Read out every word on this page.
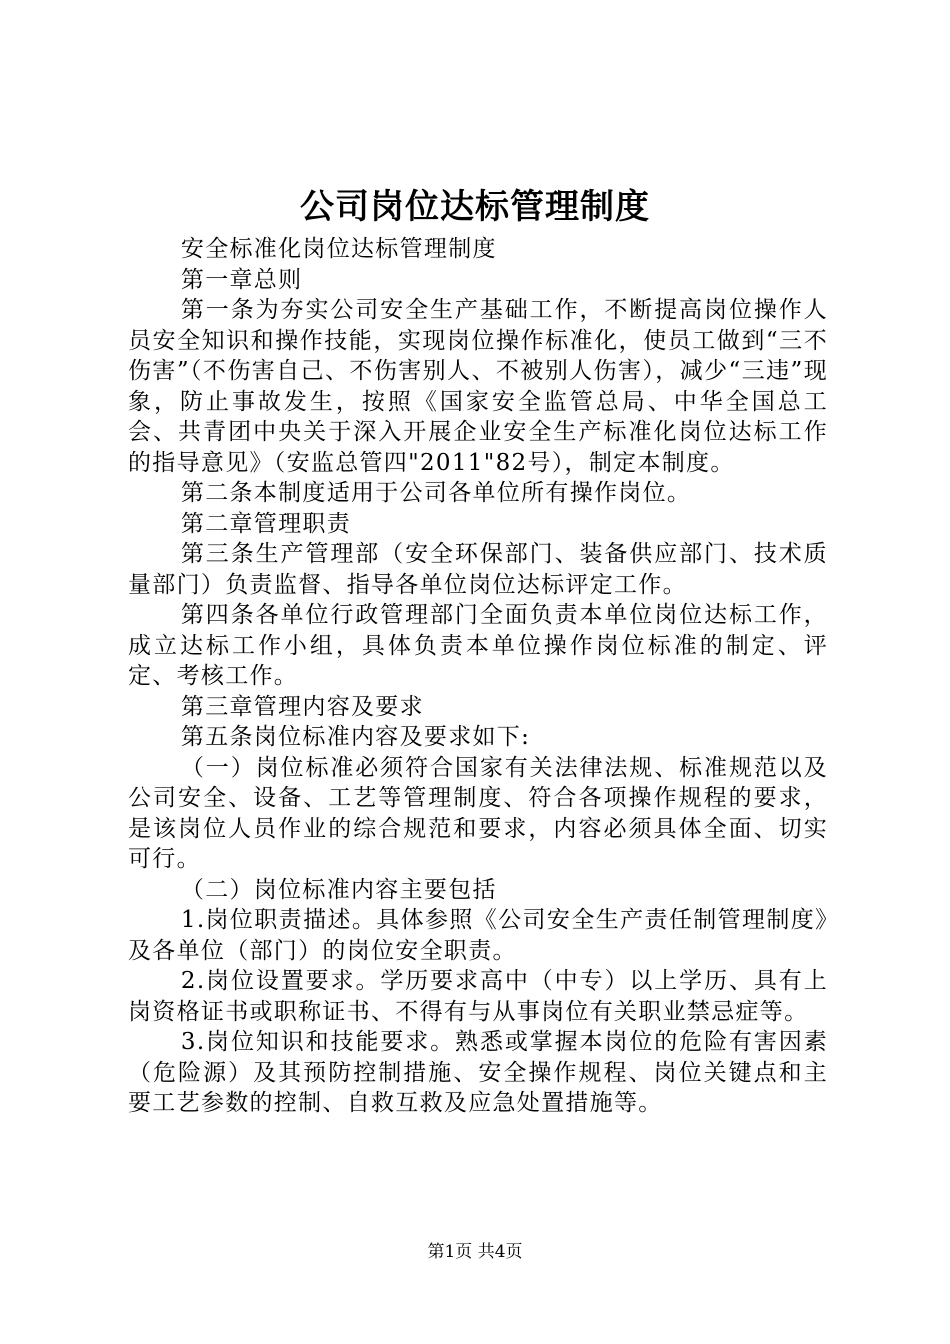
公司岗位达标管理制度

安全标准化岗位达标管理制度

第一章总则

第一条为夯实公司安全生产基础工作，不断提高岗位操作人员安全知识和操作技能，实现岗位操作标准化，使员工做到“三不伤害”（不伤害自己、不伤害别人、不被别人伤害），减少“三违”现象，防止事故发生，按照《国家安全监管总局、中华全国总工会、共青团中央关于深入开展企业安全生产标准化岗位达标工作的指导意见》（安监总管四"2011"82号），制定本制度。

第二条本制度适用于公司各单位所有操作岗位。

第二章管理职责

第三条生产管理部（安全环保部门、装备供应部门、技术质量部门）负责监督、指导各单位岗位达标评定工作。

第四条各单位行政管理部门全面负责本单位岗位达标工作，成立达标工作小组，具体负责本单位操作岗位标准的制定、评定、考核工作。

第三章管理内容及要求

第五条岗位标准内容及要求如下:

（一）岗位标准必须符合国家有关法律法规、标准规范以及公司安全、设备、工艺等管理制度、符合各项操作规程的要求，是该岗位人员作业的综合规范和要求，内容必须具体全面、切实可行。

（二）岗位标准内容主要包括

1.岗位职责描述。具体参照《公司安全生产责任制管理制度》及各单位（部门）的岗位安全职责。

2.岗位设置要求。学历要求高中（中专）以上学历、具有上岗资格证书或职称证书、不得有与从事岗位有关职业禁忌症等。

3.岗位知识和技能要求。熟悉或掌握本岗位的危险有害因素（危险源）及其预防控制措施、安全操作规程、岗位关键点和主要工艺参数的控制、自救互救及应急处置措施等。

第1页 共4页
